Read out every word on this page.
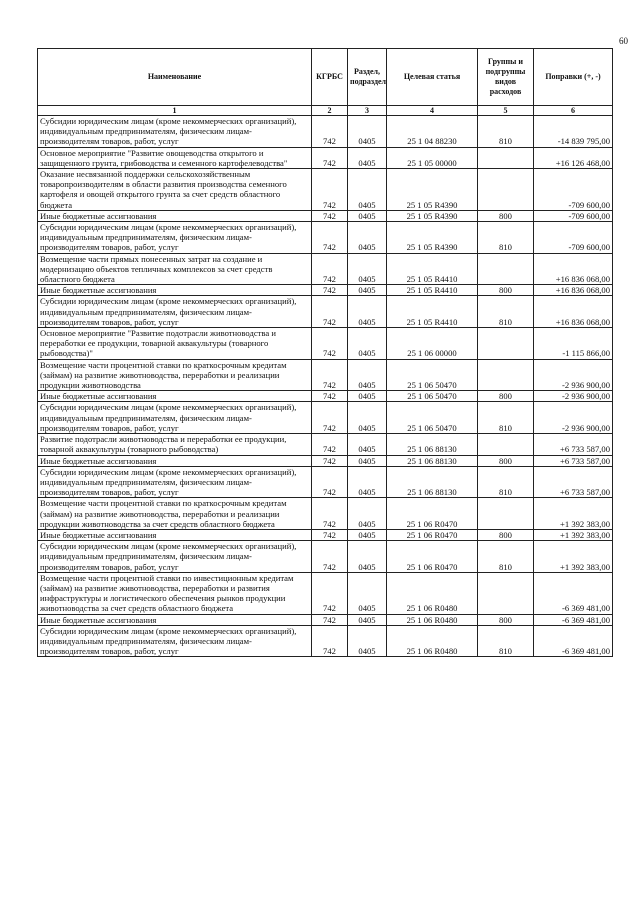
60
Наименование	КГРБС	Раздел, подраздел	Целевая статья	Группы и подгруппы видов расходов	Поправки (+, -)
1	2	3	4	5	6
Субсидии юридическим лицам (кроме некоммерческих организаций), индивидуальным предпринимателям, физическим лицам-производителям товаров, работ, услуг	742	0405	25 1 04 88230	810	-14 839 795,00
Основное мероприятие "Развитие овощеводства открытого и защищенного грунта, грибоводства и семенного картофелеводства"	742	0405	25 1 05 00000		+16 126 468,00
Оказание несвязанной поддержки сельскохозяйственным товаропроизводителям в области развития производства семенного картофеля и овощей открытого грунта за счет средств областного бюджета	742	0405	25 1 05 R4390		-709 600,00
Иные бюджетные ассигнования	742	0405	25 1 05 R4390	800	-709 600,00
Субсидии юридическим лицам (кроме некоммерческих организаций), индивидуальным предпринимателям, физическим лицам-производителям товаров, работ, услуг	742	0405	25 1 05 R4390	810	-709 600,00
Возмещение части прямых понесенных затрат на создание и модернизацию объектов тепличных комплексов за счет средств областного бюджета	742	0405	25 1 05 R4410		+16 836 068,00
Иные бюджетные ассигнования	742	0405	25 1 05 R4410	800	+16 836 068,00
Субсидии юридическим лицам (кроме некоммерческих организаций), индивидуальным предпринимателям, физическим лицам-производителям товаров, работ, услуг	742	0405	25 1 05 R4410	810	+16 836 068,00
Основное мероприятие "Развитие подотрасли животноводства и переработки ее продукции, товарной аквакультуры (товарного рыбоводства)"	742	0405	25 1 06 00000		-1 115 866,00
Возмещение части процентной ставки по краткосрочным кредитам (займам) на развитие животноводства, переработки и реализации продукции животноводства	742	0405	25 1 06 50470		-2 936 900,00
Иные бюджетные ассигнования	742	0405	25 1 06 50470	800	-2 936 900,00
Субсидии юридическим лицам (кроме некоммерческих организаций), индивидуальным предпринимателям, физическим лицам-производителям товаров, работ, услуг	742	0405	25 1 06 50470	810	-2 936 900,00
Развитие подотрасли животноводства и переработки ее продукции, товарной аквакультуры (товарного рыбоводства)	742	0405	25 1 06 88130		+6 733 587,00
Иные бюджетные ассигнования	742	0405	25 1 06 88130	800	+6 733 587,00
Субсидии юридическим лицам (кроме некоммерческих организаций), индивидуальным предпринимателям, физическим лицам-производителям товаров, работ, услуг	742	0405	25 1 06 88130	810	+6 733 587,00
Возмещение части процентной ставки по краткосрочным кредитам (займам) на развитие животноводства, переработки и реализации продукции животноводства за счет средств областного бюджета	742	0405	25 1 06 R0470		+1 392 383,00
Иные бюджетные ассигнования	742	0405	25 1 06 R0470	800	+1 392 383,00
Субсидии юридическим лицам (кроме некоммерческих организаций), индивидуальным предпринимателям, физическим лицам-производителям товаров, работ, услуг	742	0405	25 1 06 R0470	810	+1 392 383,00
Возмещение части процентной ставки по инвестиционным кредитам (займам) на развитие животноводства, переработки и развития инфраструктуры и логистического обеспечения рынков продукции животноводства за счет средств областного бюджета	742	0405	25 1 06 R0480		-6 369 481,00
Иные бюджетные ассигнования	742	0405	25 1 06 R0480	800	-6 369 481,00
Субсидии юридическим лицам (кроме некоммерческих организаций), индивидуальным предпринимателям, физическим лицам-производителям товаров, работ, услуг	742	0405	25 1 06 R0480	810	-6 369 481,00
